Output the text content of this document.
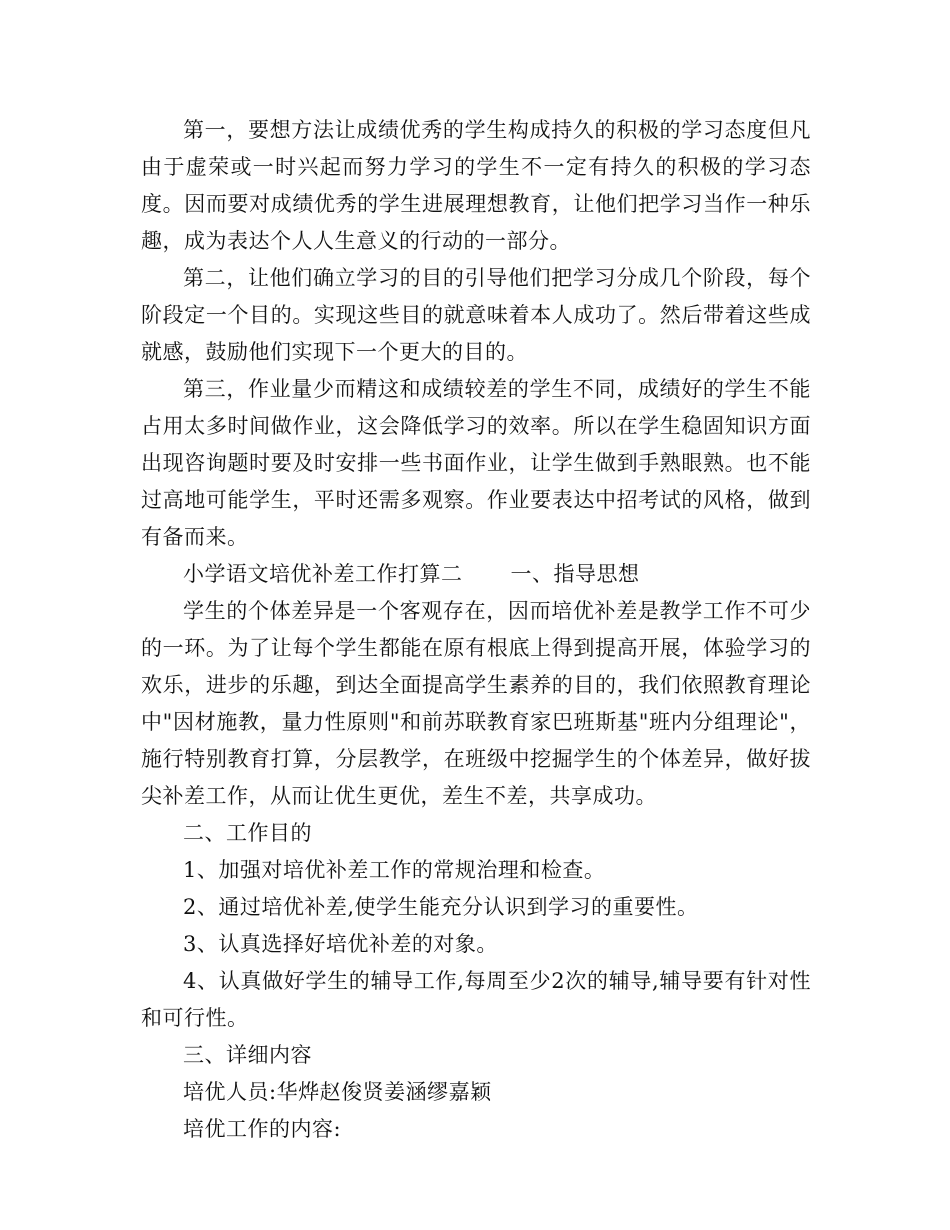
第一，要想方法让成绩优秀的学生构成持久的积极的学习态度但凡由于虚荣或一时兴起而努力学习的学生不一定有持久的积极的学习态度。因而要对成绩优秀的学生进展理想教育，让他们把学习当作一种乐趣，成为表达个人人生意义的行动的一部分。

第二，让他们确立学习的目的引导他们把学习分成几个阶段，每个阶段定一个目的。实现这些目的就意味着本人成功了。然后带着这些成就感，鼓励他们实现下一个更大的目的。

第三，作业量少而精这和成绩较差的学生不同，成绩好的学生不能占用太多时间做作业，这会降低学习的效率。所以在学生稳固知识方面出现咨询题时要及时安排一些书面作业，让学生做到手熟眼熟。也不能过高地可能学生，平时还需多观察。作业要表达中招考试的风格，做到有备而来。

小学语文培优补差工作打算二 一、指导思想

学生的个体差异是一个客观存在，因而培优补差是教学工作不可少的一环。为了让每个学生都能在原有根底上得到提高开展，体验学习的欢乐，进步的乐趣，到达全面提高学生素养的目的，我们依照教育理论中"因材施教，量力性原则"和前苏联教育家巴班斯基"班内分组理论"，施行特别教育打算，分层教学，在班级中挖掘学生的个体差异，做好拔尖补差工作，从而让优生更优，差生不差，共享成功。

二、工作目的

1、加强对培优补差工作的常规治理和检查。

2、通过培优补差,使学生能充分认识到学习的重要性。

3、认真选择好培优补差的对象。

4、认真做好学生的辅导工作,每周至少2次的辅导,辅导要有针对性和可行性。

三、详细内容

培优人员:华烨赵俊贤姜涵缪嘉颖

培优工作的内容:
